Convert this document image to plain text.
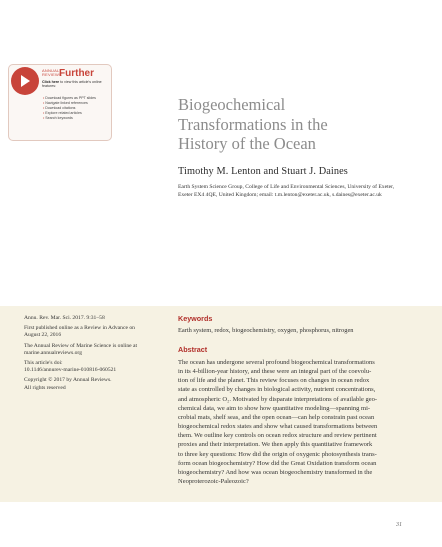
ANNUAL
REVIEWS
Further
Click here to view this article's online features:
• Download figures as PPT slides
• Navigate linked references
• Download citations
• Explore related articles
• Search keywords
Biogeochemical
Transformations in the
History of the Ocean
Timothy M. Lenton and Stuart J. Daines
Earth System Science Group, College of Life and Environmental Sciences, University of Exeter,
Exeter EX4 4QE, United Kingdom; email: t.m.lenton@exeter.ac.uk, s.daines@exeter.ac.uk

Annu. Rev. Mar. Sci. 2017. 9:31–58

First published online as a Review in Advance on
August 22, 2016

The Annual Review of Marine Science is online at
marine.annualreviews.org

This article's doi:
10.1146/annurev-marine-010816-060521

Copyright © 2017 by Annual Reviews.
All rights reserved

Keywords
Earth system, redox, biogeochemistry, oxygen, phosphorus, nitrogen
Abstract
The ocean has undergone several profound biogeochemical transformations
in its 4-billion-year history, and these were an integral part of the coevolu-
tion of life and the planet. This review focuses on changes in ocean redox
state as controlled by changes in biological activity, nutrient concentrations,
and atmospheric O₂. Motivated by disparate interpretations of available geo-
chemical data, we aim to show how quantitative modeling—spanning mi-
crobial mats, shelf seas, and the open ocean—can help constrain past ocean
biogeochemical redox states and show what caused transformations between
them. We outline key controls on ocean redox structure and review pertinent
proxies and their interpretation. We then apply this quantitative framework
to three key questions: How did the origin of oxygenic photosynthesis trans-
form ocean biogeochemistry? How did the Great Oxidation transform ocean
biogeochemistry? And how was ocean biogeochemistry transformed in the
Neoproterozoic-Paleozoic?
31
